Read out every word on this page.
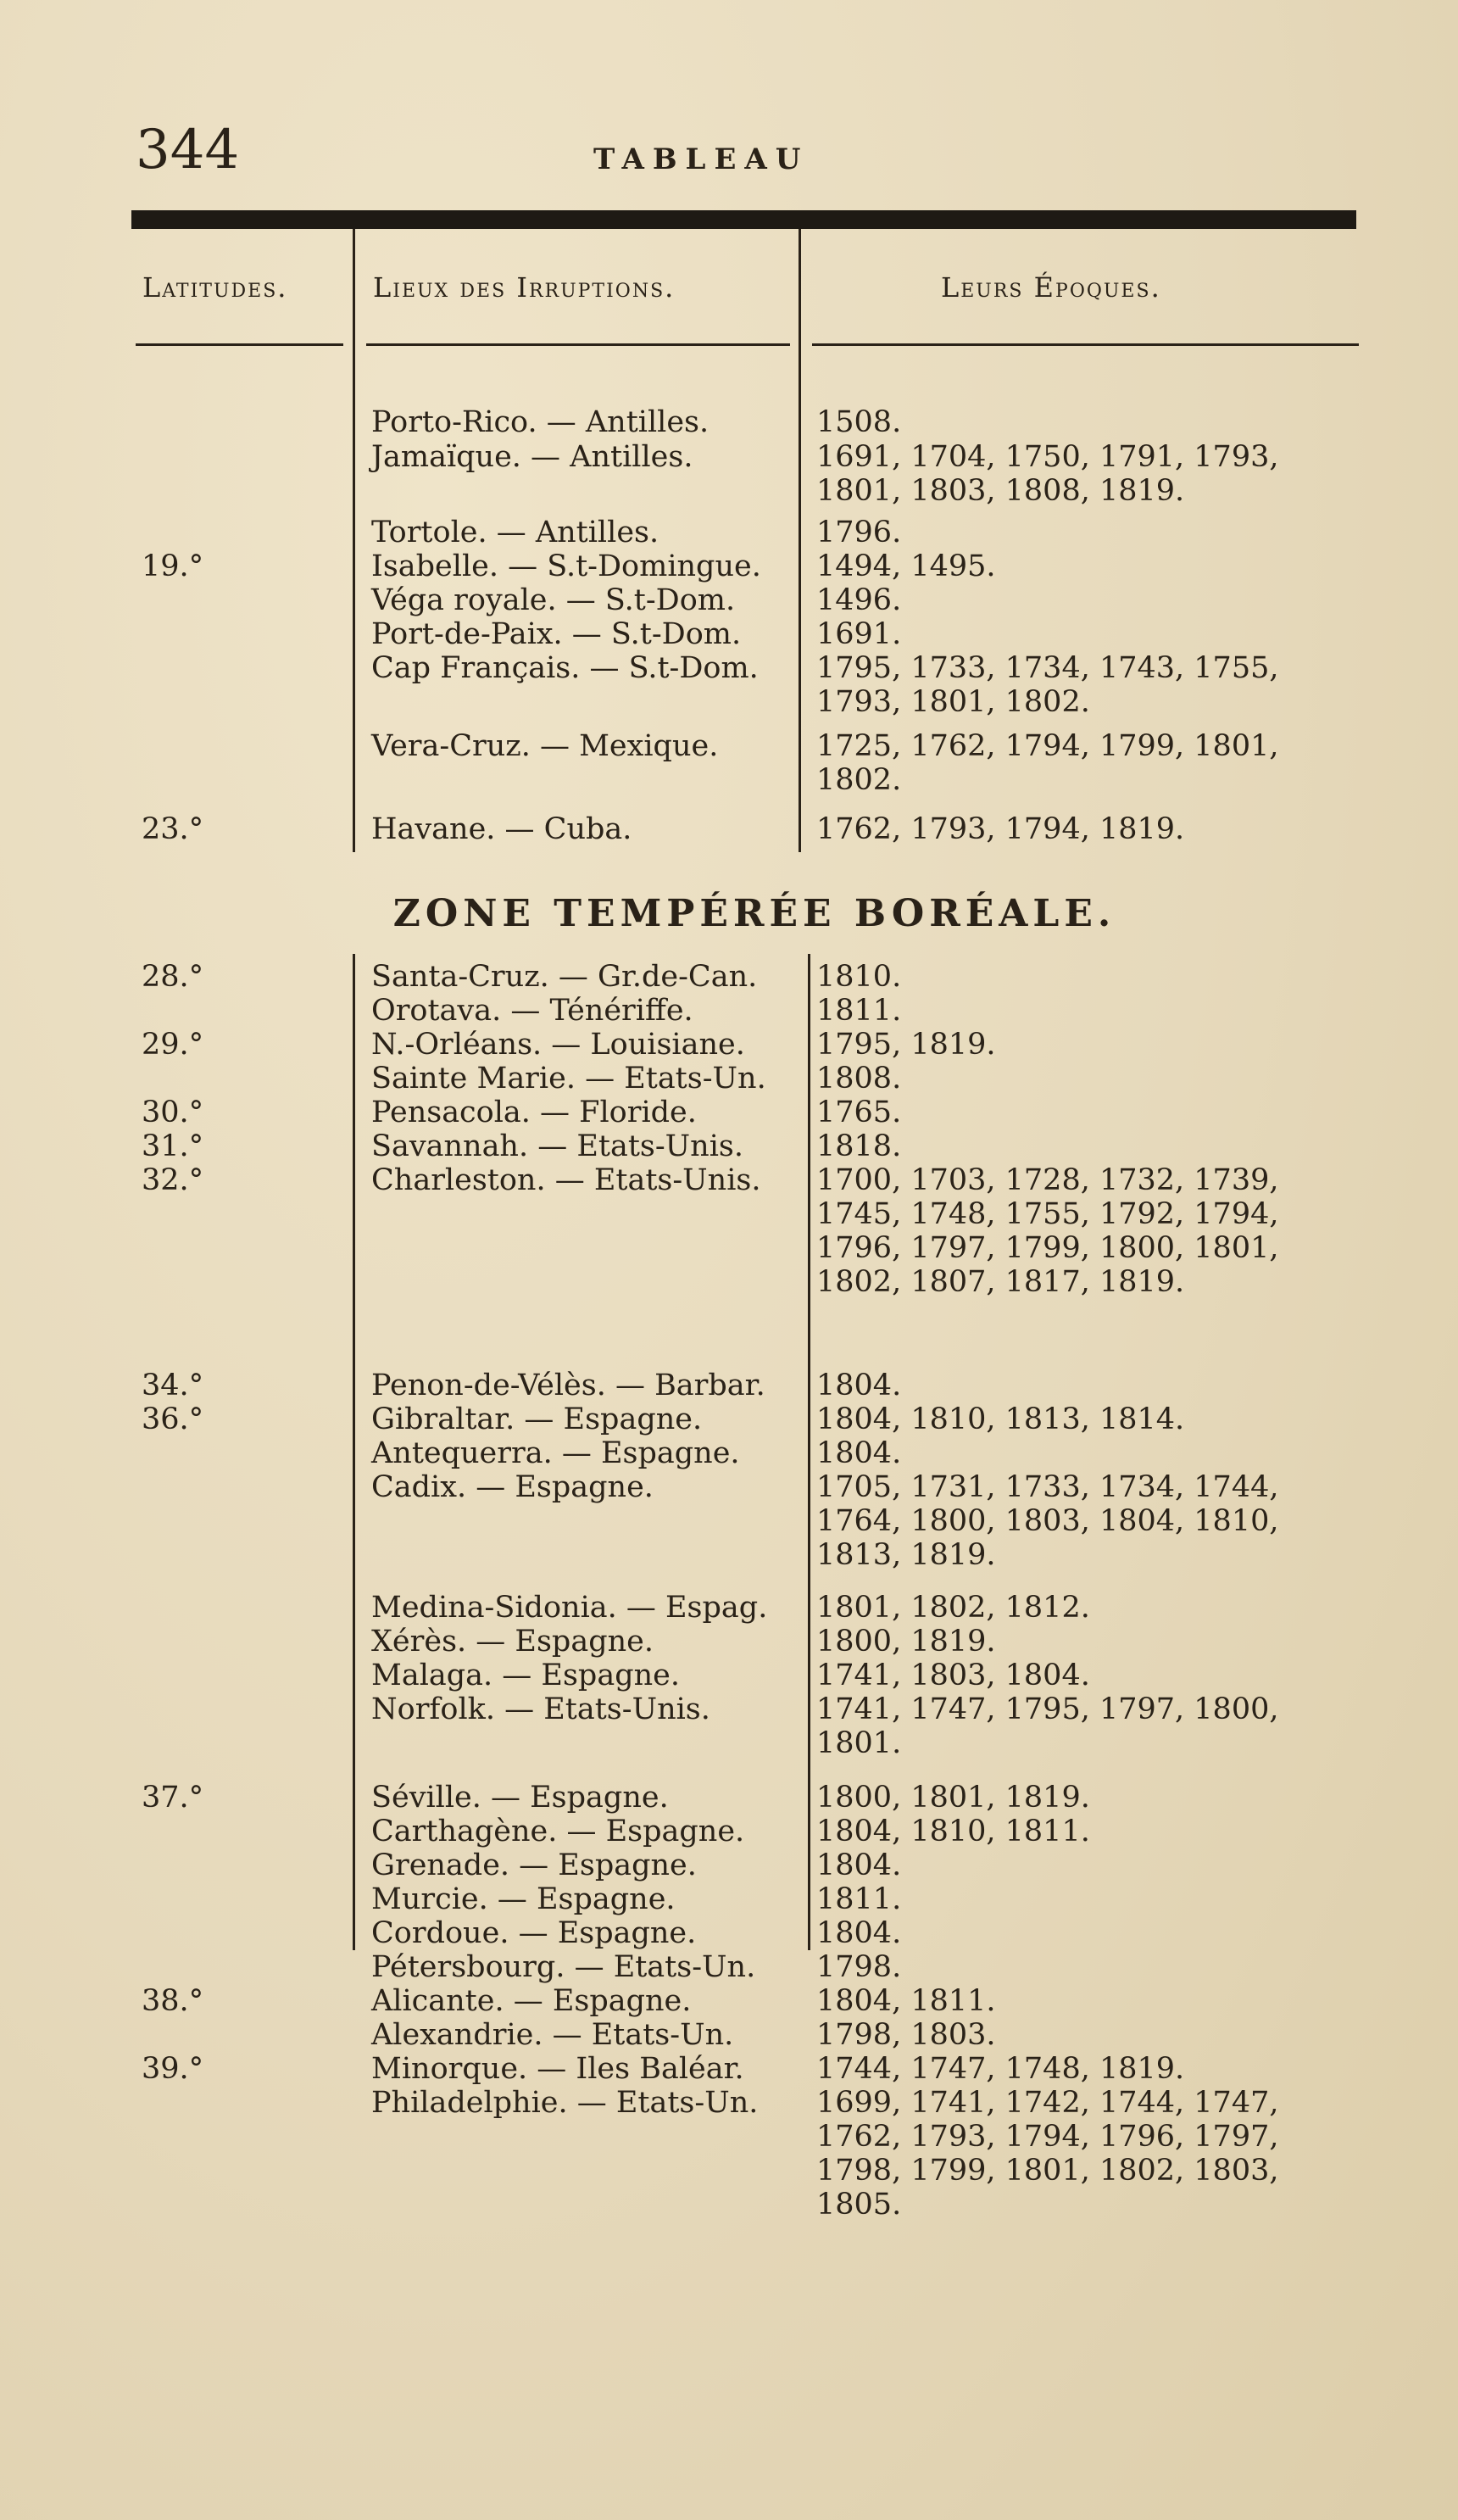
344	TABLEAU
Latitudes.	Lieux des Irruptions.	Leurs Époques.
Porto-Rico. — Antilles.	1508.
Jamaïque. — Antilles.	1691, 1704, 1750, 1791, 1793, 1801, 1803, 1808, 1819.
Tortole. — Antilles.	1796.
19.°	Isabelle. — S.t-Domingue.	1494, 1495.
Véga royale. — S.t-Dom.	1496.
Port-de-Paix. — S.t-Dom.	1691.
Cap Français. — S.t-Dom.	1795, 1733, 1734, 1743, 1755, 1793, 1801, 1802.
Vera-Cruz. — Mexique.	1725, 1762, 1794, 1799, 1801, 1802.
23.°	Havane. — Cuba.	1762, 1793, 1794, 1819.
ZONE TEMPÉRÉE BORÉALE.
28.°	Santa-Cruz. — Gr.de-Can.	1810.
Orotava. — Ténériffe.	1811.
29.°	N.-Orléans. — Louisiane.	1795, 1819.
Sainte Marie. — Etats-Un.	1808.
30.°	Pensacola. — Floride.	1765.
31.°	Savannah. — Etats-Unis.	1818.
32.°	Charleston. — Etats-Unis.	1700, 1703, 1728, 1732, 1739, 1745, 1748, 1755, 1792, 1794, 1796, 1797, 1799, 1800, 1801, 1802, 1807, 1817, 1819.
34.°	Penon-de-Vélès. — Barbar.	1804.
36.°	Gibraltar. — Espagne.	1804, 1810, 1813, 1814.
Antequerra. — Espagne.	1804.
Cadix. — Espagne.	1705, 1731, 1733, 1734, 1744, 1764, 1800, 1803, 1804, 1810, 1813, 1819.
Medina-Sidonia. — Espag.	1801, 1802, 1812.
Xérès. — Espagne.	1800, 1819.
Malaga. — Espagne.	1741, 1803, 1804.
Norfolk. — Etats-Unis.	1741, 1747, 1795, 1797, 1800, 1801.
37.°	Séville. — Espagne.	1800, 1801, 1819.
Carthagène. — Espagne.	1804, 1810, 1811.
Grenade. — Espagne.	1804.
Murcie. — Espagne.	1811.
Cordoue. — Espagne.	1804.
Pétersbourg. — Etats-Un.	1798.
38.°	Alicante. — Espagne.	1804, 1811.
Alexandrie. — Etats-Un.	1798, 1803.
39.°	Minorque. — Iles Baléar.	1744, 1747, 1748, 1819.
Philadelphie. — Etats-Un.	1699, 1741, 1742, 1744, 1747, 1762, 1793, 1794, 1796, 1797, 1798, 1799, 1801, 1802, 1803, 1805.
